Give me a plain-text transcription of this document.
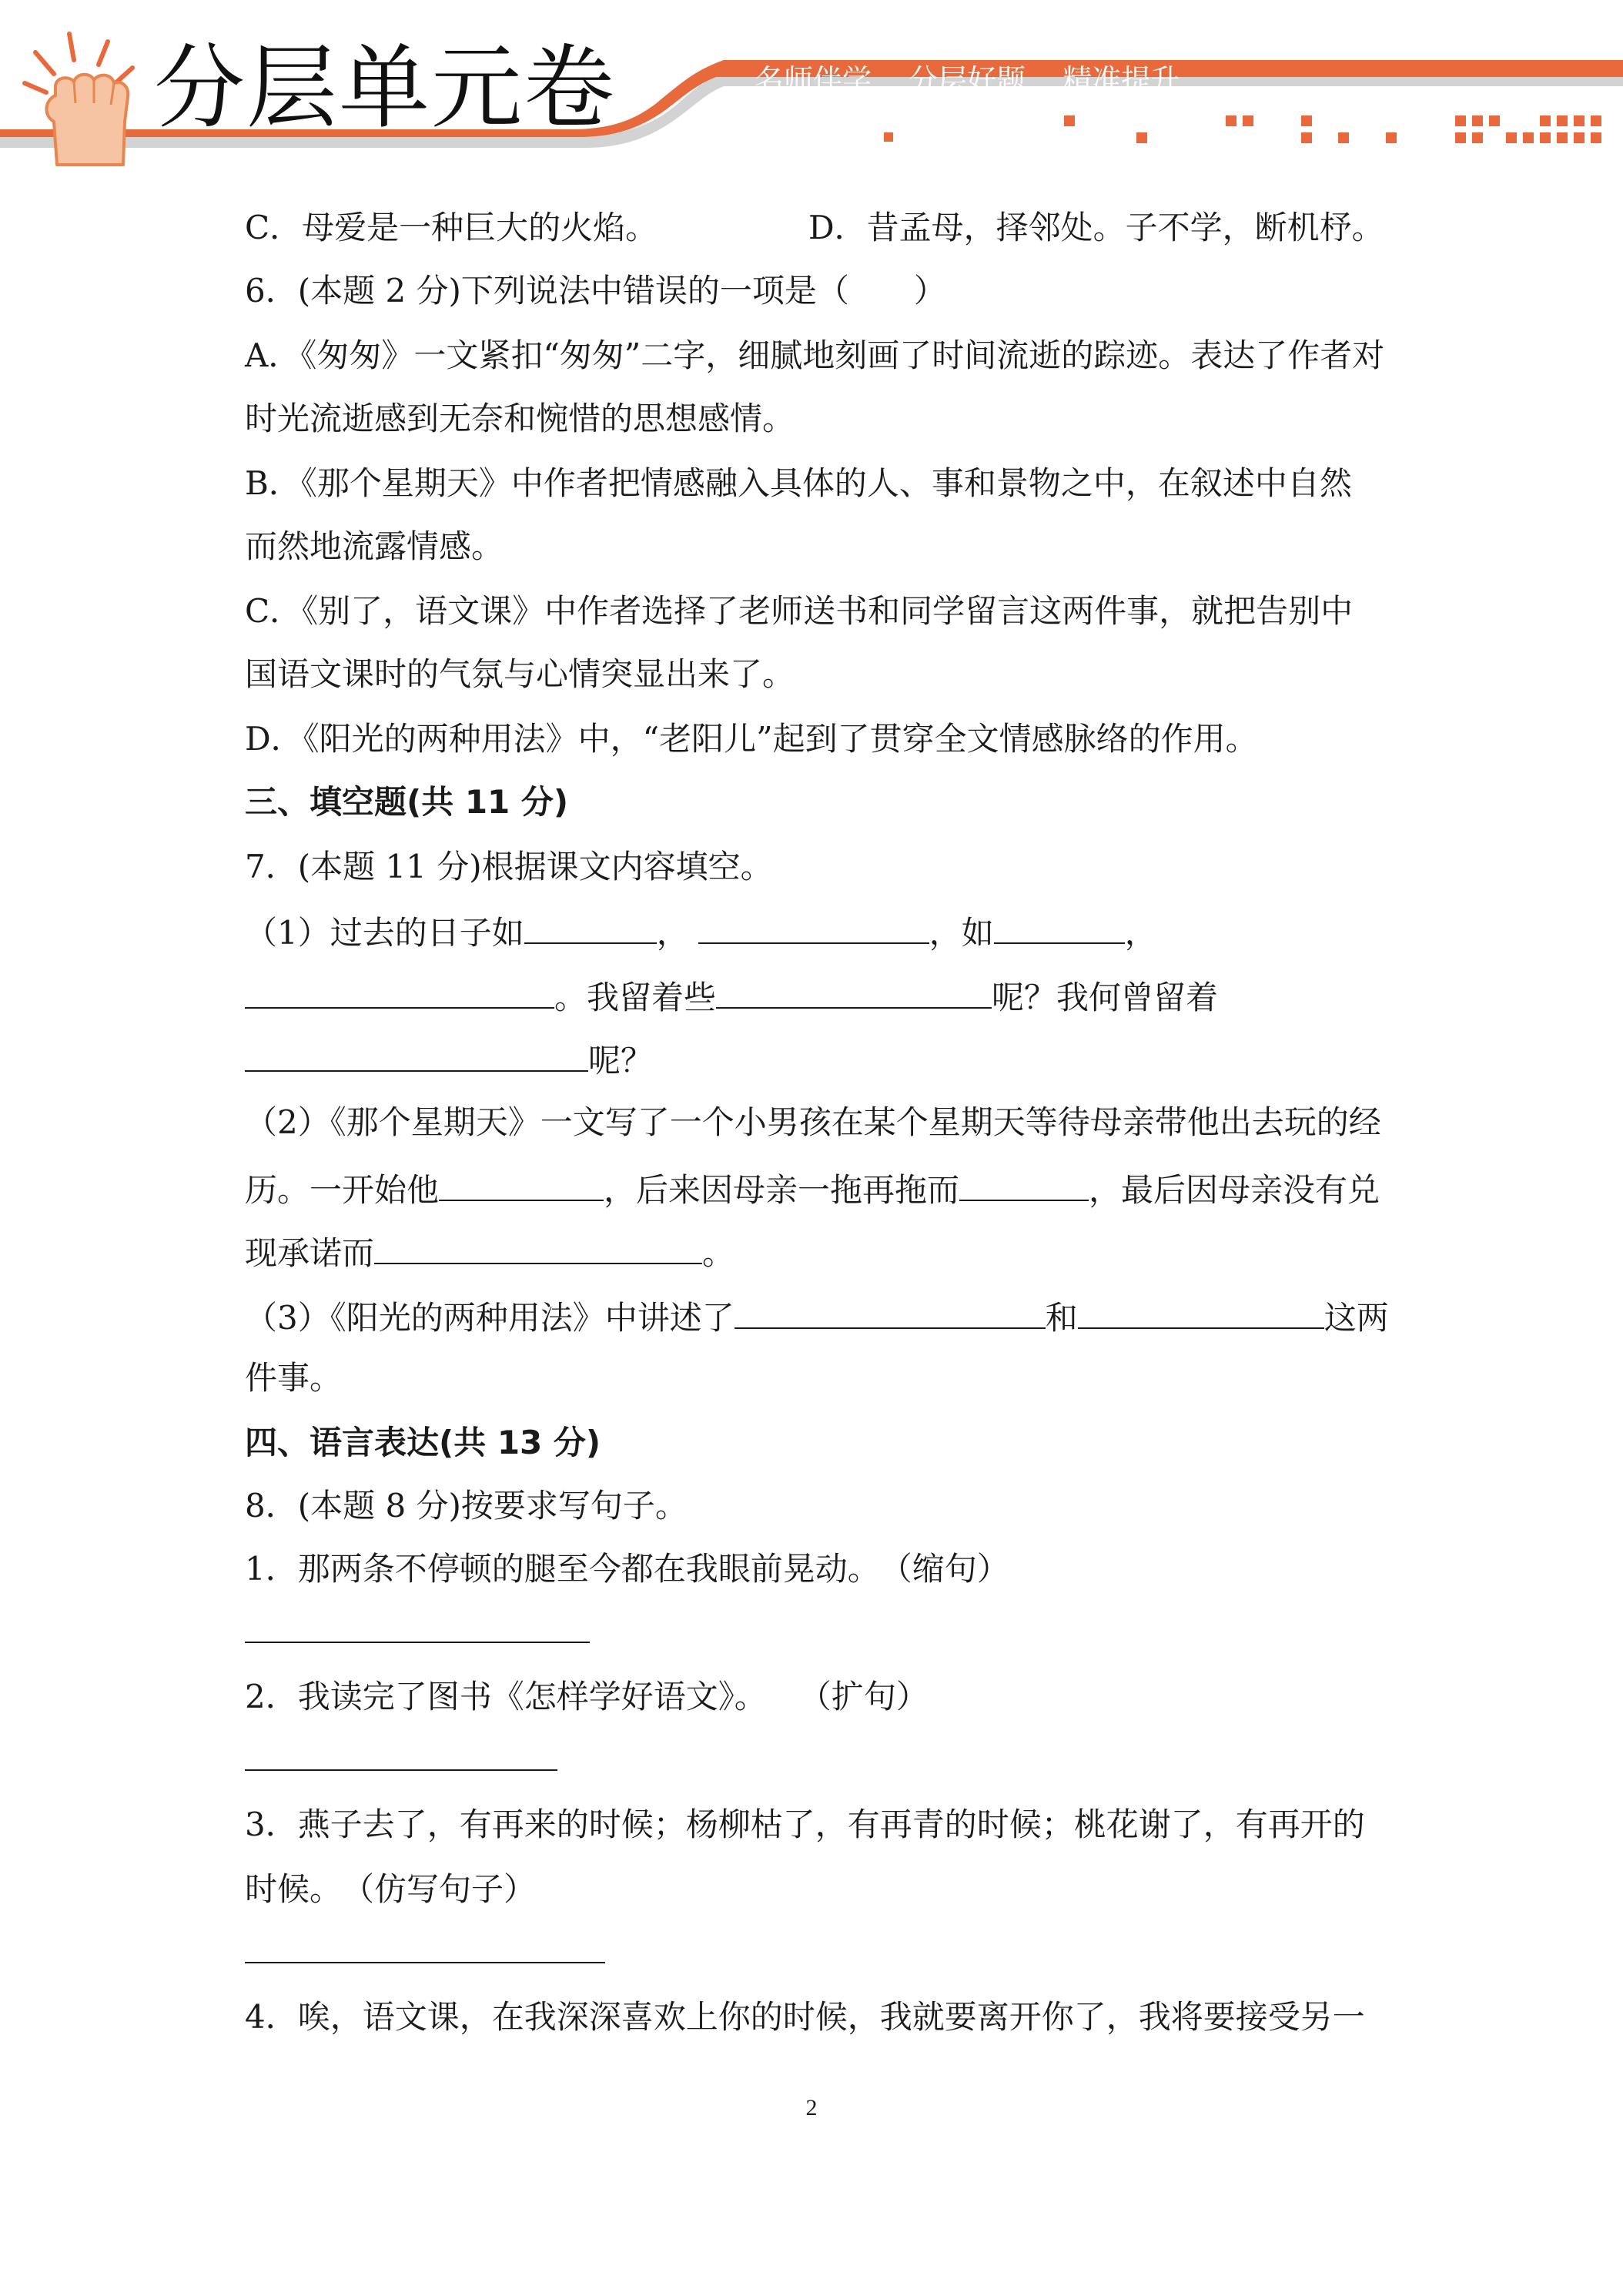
分层单元卷	名师伴学 分层好题 精准提升
C．母爱是一种巨大的火焰。	D．昔孟母，择邻处。子不学，断机杼。
6．(本题 2 分)下列说法中错误的一项是（　　）
A．《匆匆》一文紧扣“匆匆”二字，细腻地刻画了时间流逝的踪迹。表达了作者对
时光流逝感到无奈和惋惜的思想感情。
B．《那个星期天》中作者把情感融入具体的人、事和景物之中，在叙述中自然
而然地流露情感。
C．《别了，语文课》中作者选择了老师送书和同学留言这两件事，就把告别中
国语文课时的气氛与心情突显出来了。
D．《阳光的两种用法》中，“老阳儿”起到了贯穿全文情感脉络的作用。
三、填空题(共 11 分)
7．(本题 11 分)根据课文内容填空。
（1）过去的日子如	，	，如	，
。我留着些	呢？我何曾留着
呢？
（2）《那个星期天》一文写了一个小男孩在某个星期天等待母亲带他出去玩的经
历。一开始他	，后来因母亲一拖再拖而	，最后因母亲没有兑
现承诺而	。
（3）《阳光的两种用法》中讲述了	和	这两
件事。
四、语言表达(共 13 分)
8．(本题 8 分)按要求写句子。
1．那两条不停顿的腿至今都在我眼前晃动。　（缩句）
2．我读完了图书《怎样学好语文》。　　（扩句）
3．燕子去了，有再来的时候；杨柳枯了，有再青的时候；桃花谢了，有再开的
时候。　（仿写句子）
4．唉，语文课，在我深深喜欢上你的时候，我就要离开你了，我将要接受另一
2
